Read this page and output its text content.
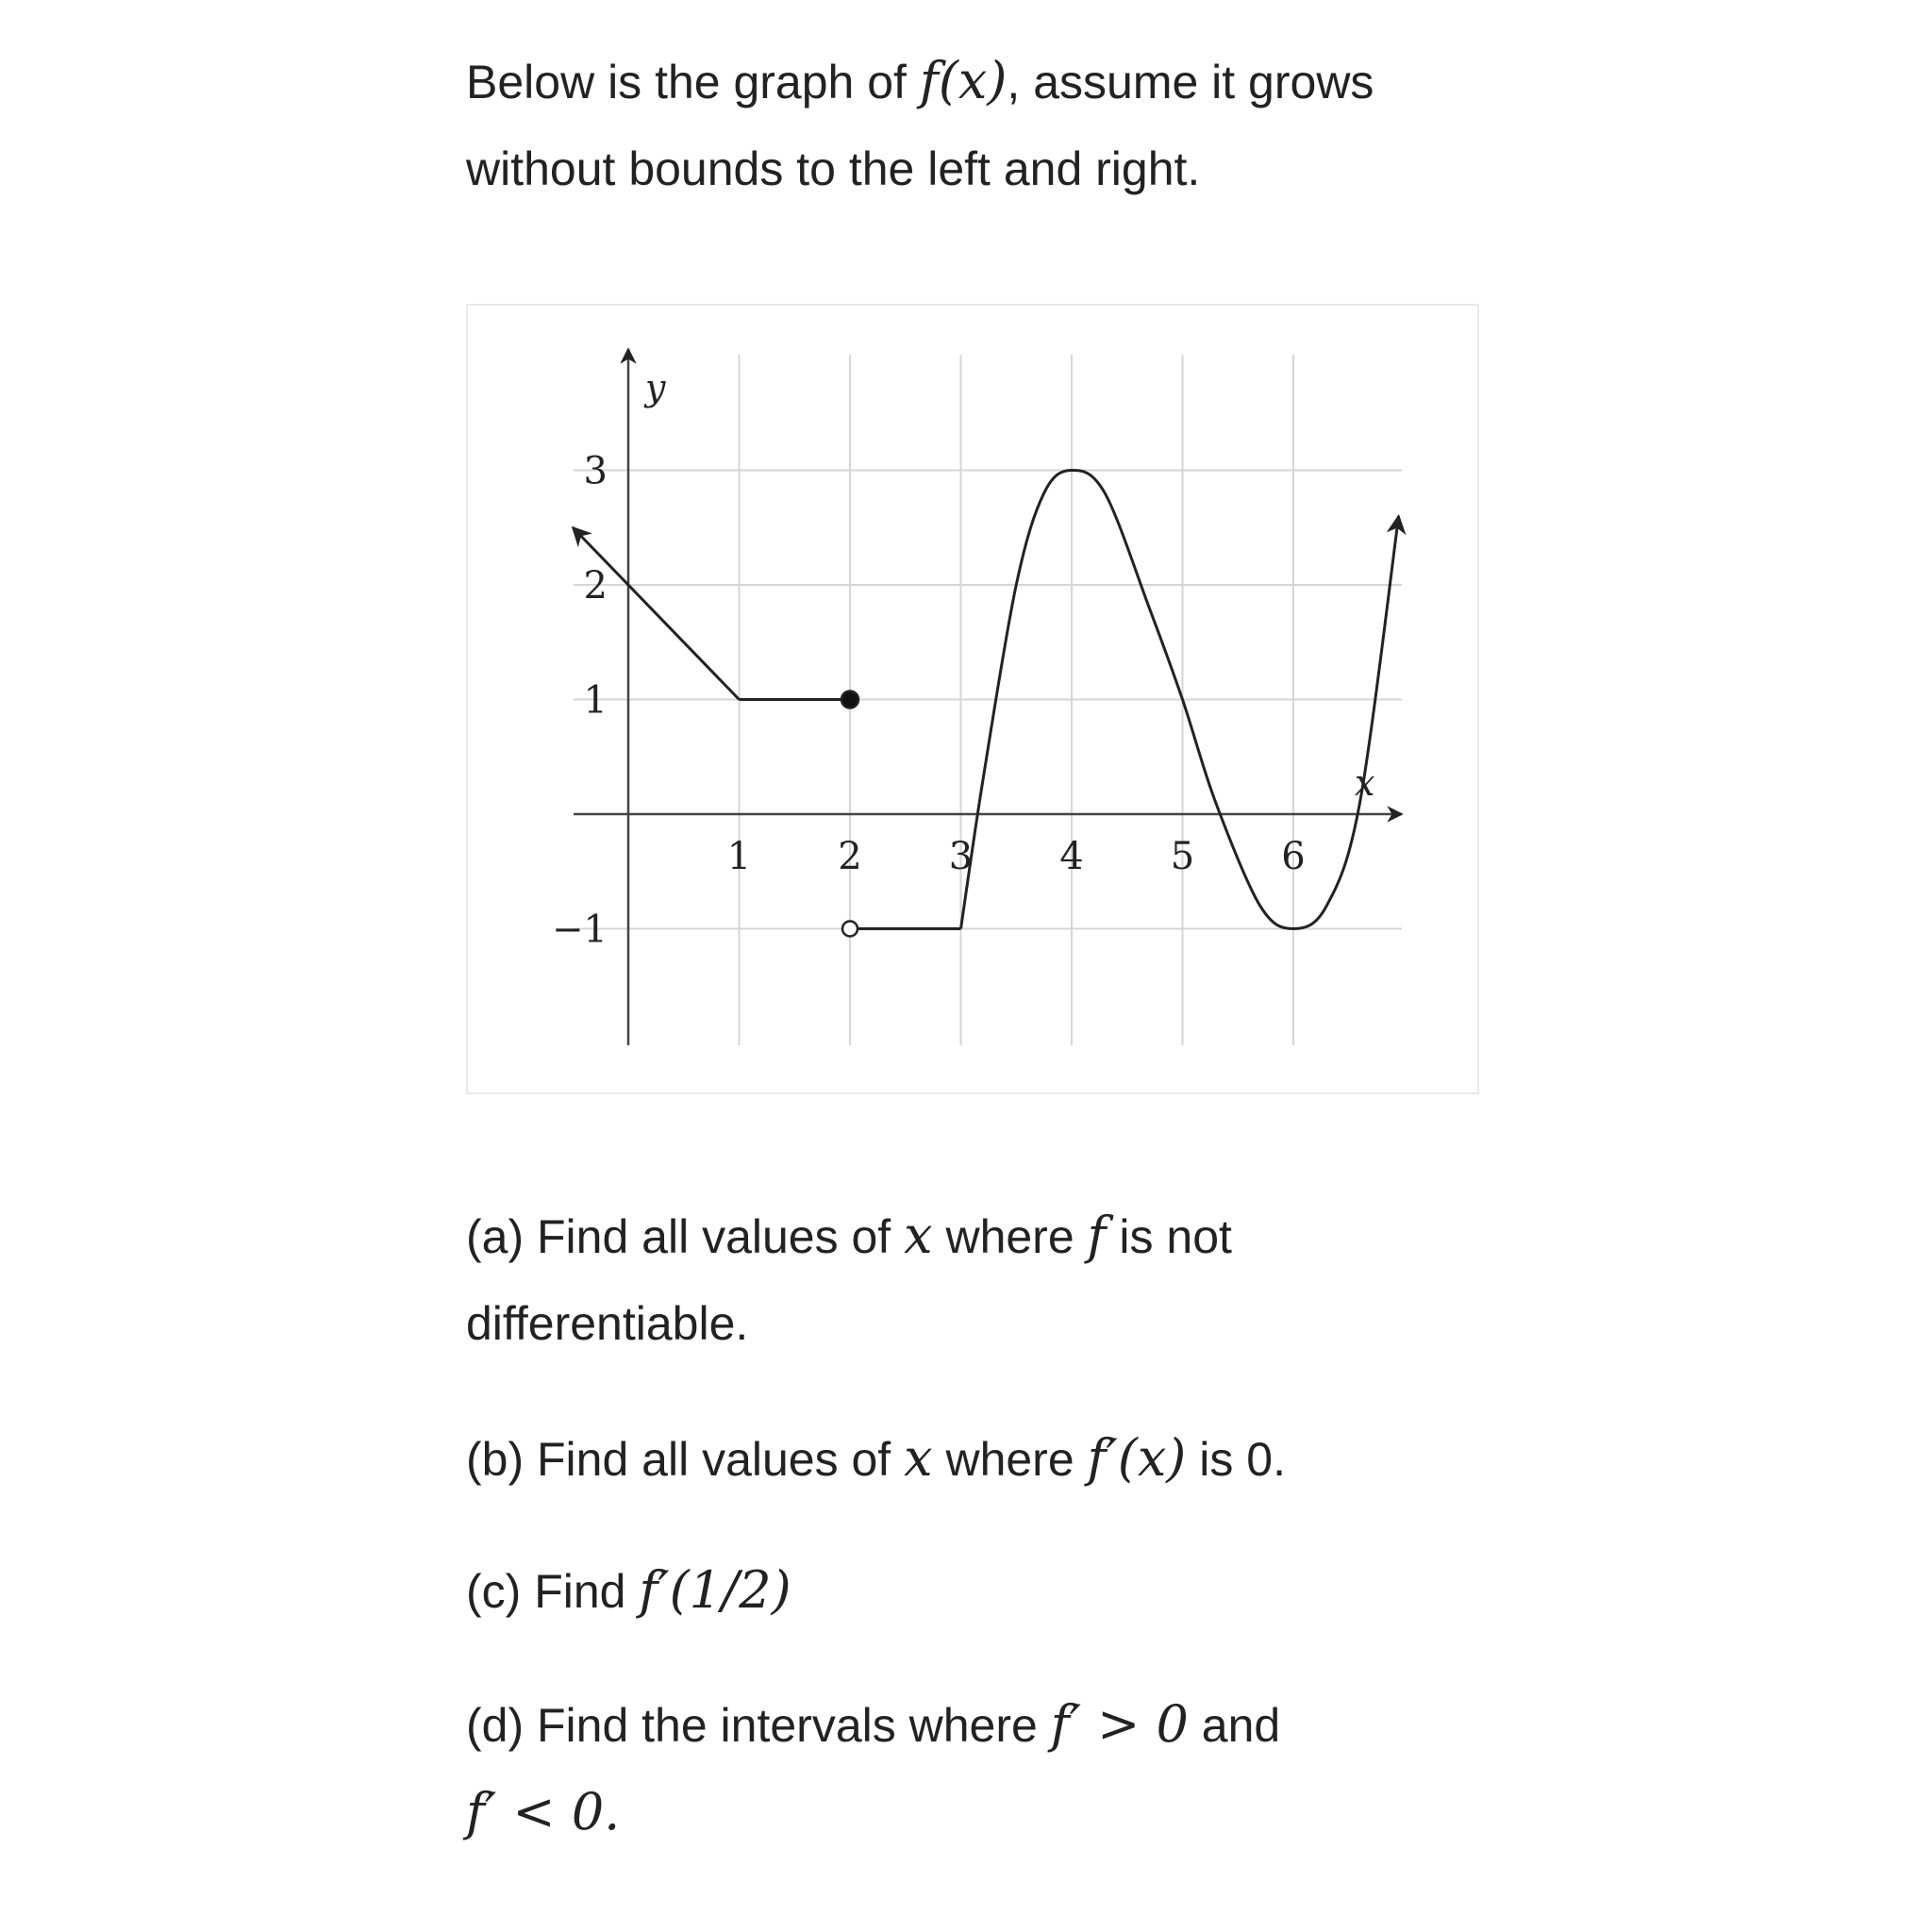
Below is the graph of f(x), assume it grows
without bounds to the left and right.
y
x
1 2 3 4 5 6
3
2
1
−1
(a) Find all values of x where f is not
differentiable.
(b) Find all values of x where f′(x) is 0.
(c) Find f′(1/2)
(d) Find the intervals where f′ > 0 and
f′ < 0.
